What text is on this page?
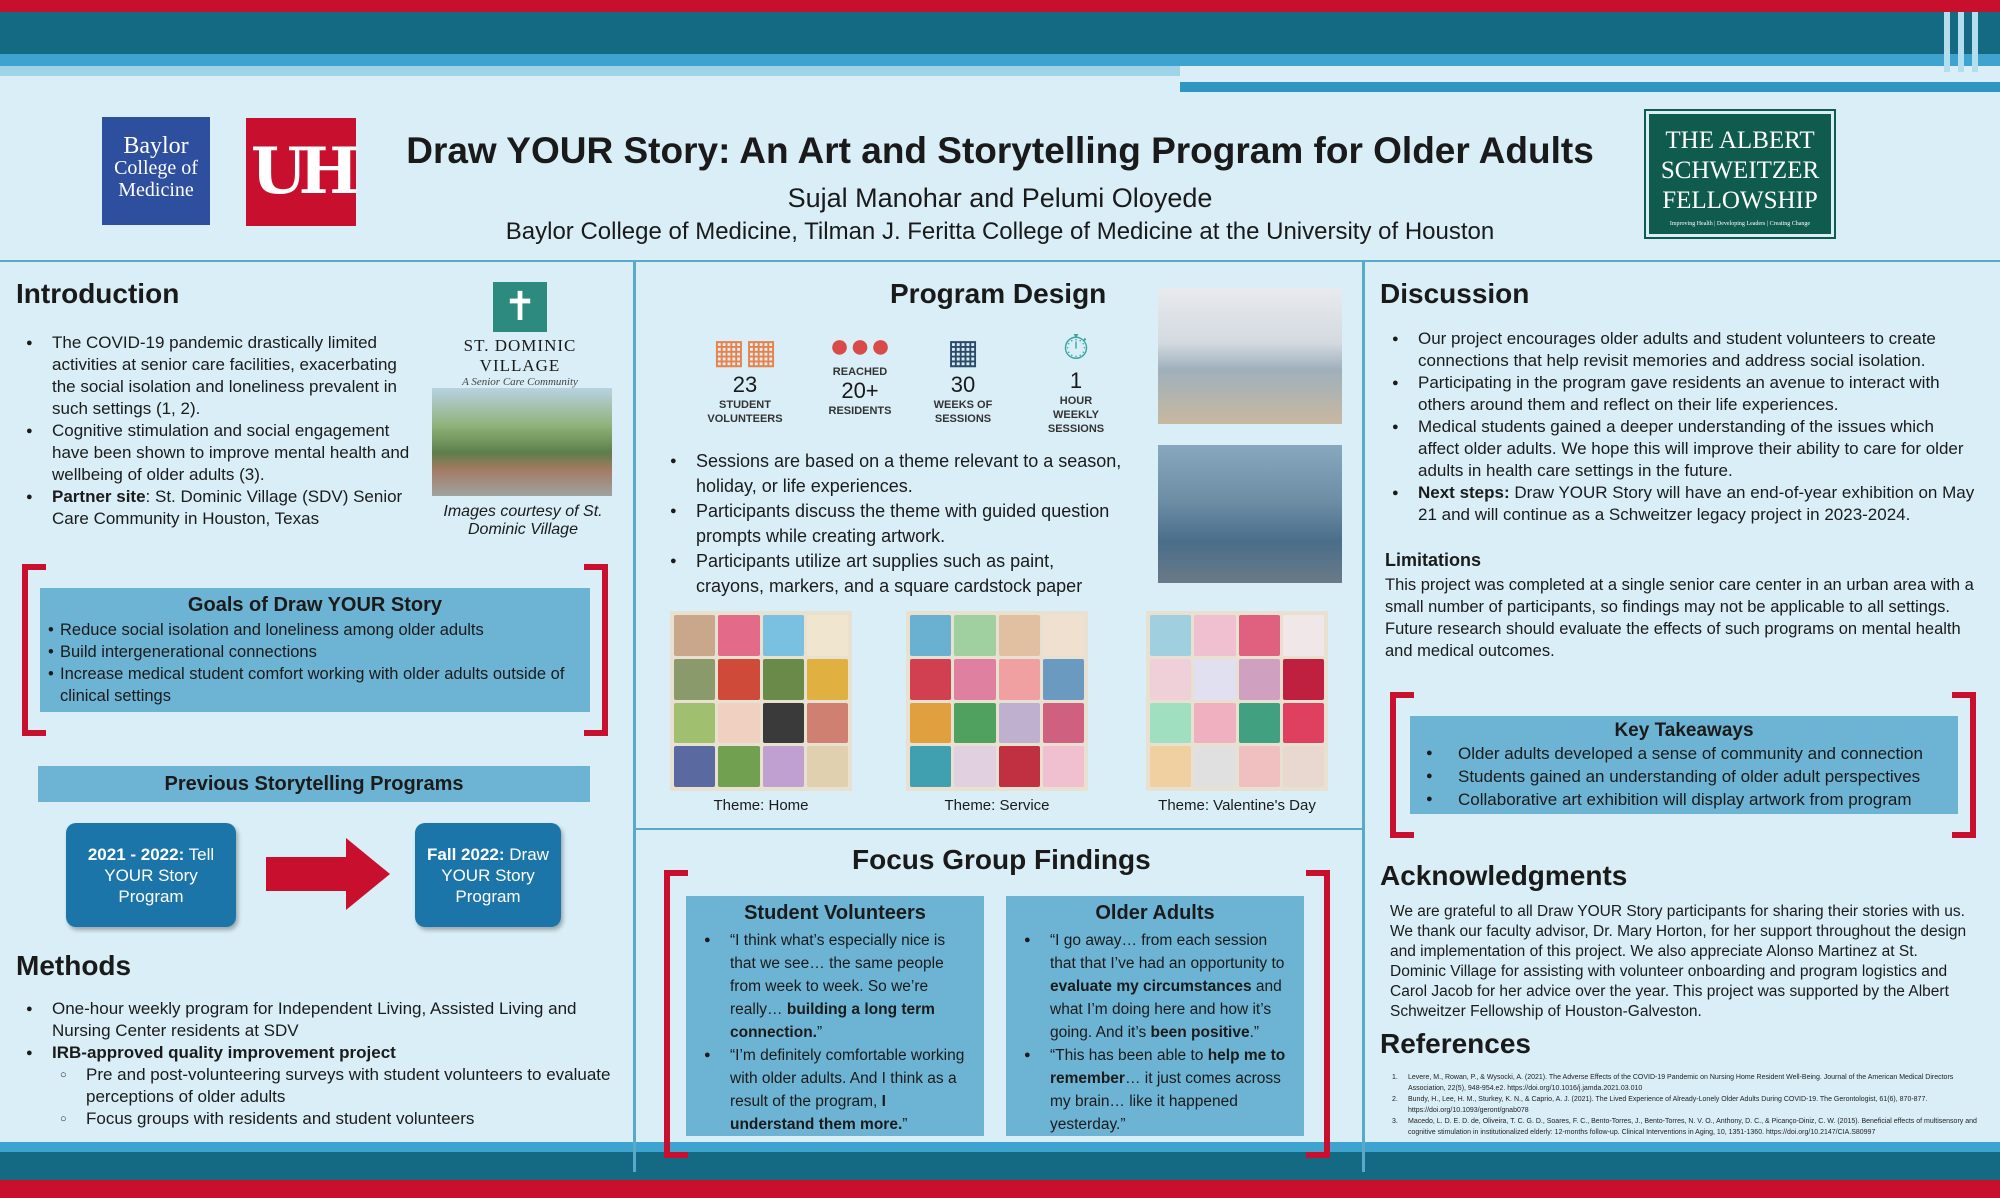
Baylor
College of
Medicine UH	Draw YOUR Story: An Art and Storytelling Program for Older Adults
Sujal Manohar and Pelumi Oloyede
Baylor College of Medicine, Tilman J. Feritta College of Medicine at the University of Houston
THE ALBERT
SCHWEITZER
FELLOWSHIP
Improving Health | Developing Leaders | Creating Change
Introduction
● The COVID-19 pandemic drastically limited activities at senior care facilities, exacerbating the social isolation and loneliness prevalent in such settings (1, 2).
● Cognitive stimulation and social engagement have been shown to improve mental health and wellbeing of older adults (3).
● Partner site: St. Dominic Village (SDV) Senior Care Community in Houston, Texas
✝
ST. DOMINIC VILLAGE
A Senior Care Community
Images courtesy of St. Dominic Village
Goals of Draw YOUR Story
• Reduce social isolation and loneliness among older adults
• Build intergenerational connections
• Increase medical student comfort working with older adults outside of clinical settings
Previous Storytelling Programs
2021 - 2022: Tell YOUR Story Program
Fall 2022: Draw YOUR Story Program
Methods
● One-hour weekly program for Independent Living, Assisted Living and Nursing Center residents at SDV
● IRB-approved quality improvement project
○ Pre and post-volunteering surveys with student volunteers to evaluate perceptions of older adults
○ Focus groups with residents and student volunteers
Program Design
▦▦
23
STUDENT VOLUNTEERS
●●●
REACHED
20+
RESIDENTS
▦
30
WEEKS OF SESSIONS
⏱
1
HOUR WEEKLY SESSIONS
● Sessions are based on a theme relevant to a season, holiday, or life experiences.
● Participants discuss the theme with guided question prompts while creating artwork.
● Participants utilize art supplies such as paint, crayons, markers, and a square cardstock paper
Theme: Home	Theme: Service	Theme: Valentine's Day
Focus Group Findings
Student Volunteers
● “I think what’s especially nice is that we see… the same people from week to week. So we’re really… building a long term connection.”
● “I’m definitely comfortable working with older adults. And I think as a result of the program, I understand them more.”
Older Adults
● “I go away… from each session that that I’ve had an opportunity to evaluate my circumstances and what I’m doing here and how it’s going. And it’s been positive.”
● “This has been able to help me to remember… it just comes across my brain… like it happened yesterday.”
Discussion
● Our project encourages older adults and student volunteers to create connections that help revisit memories and address social isolation.
● Participating in the program gave residents an avenue to interact with others around them and reflect on their life experiences.
● Medical students gained a deeper understanding of the issues which affect older adults. We hope this will improve their ability to care for older adults in health care settings in the future.
● Next steps: Draw YOUR Story will have an end-of-year exhibition on May 21 and will continue as a Schweitzer legacy project in 2023-2024.
Limitations
This project was completed at a single senior care center in an urban area with a small number of participants, so findings may not be applicable to all settings. Future research should evaluate the effects of such programs on mental health and medical outcomes.
Key Takeaways
● Older adults developed a sense of community and connection
● Students gained an understanding of older adult perspectives
● Collaborative art exhibition will display artwork from program
Acknowledgments
We are grateful to all Draw YOUR Story participants for sharing their stories with us. We thank our faculty advisor, Dr. Mary Horton, for her support throughout the design and implementation of this project. We also appreciate Alonso Martinez at St. Dominic Village for assisting with volunteer onboarding and program logistics and Carol Jacob for her advice over the year. This project was supported by the Albert Schweitzer Fellowship of Houston-Galveston.
References
1. Levere, M., Rowan, P., & Wysocki, A. (2021). The Adverse Effects of the COVID-19 Pandemic on Nursing Home Resident Well-Being. Journal of the American Medical Directors Association, 22(5), 948-954.e2. https://doi.org/10.1016/j.jamda.2021.03.010
2. Bundy, H., Lee, H. M., Sturkey, K. N., & Caprio, A. J. (2021). The Lived Experience of Already-Lonely Older Adults During COVID-19. The Gerontologist, 61(6), 870-877. https://doi.org/10.1093/geront/gnab078
3. Macedo, L. D. E. D. de, Oliveira, T. C. G. D., Soares, F. C., Bento-Torres, J., Bento-Torres, N. V. O., Anthony, D. C., & Picanço-Diniz, C. W. (2015). Beneficial effects of multisensory and cognitive stimulation in institutionalized elderly: 12-months follow-up. Clinical Interventions in Aging, 10, 1351-1360. https://doi.org/10.2147/CIA.S80997
